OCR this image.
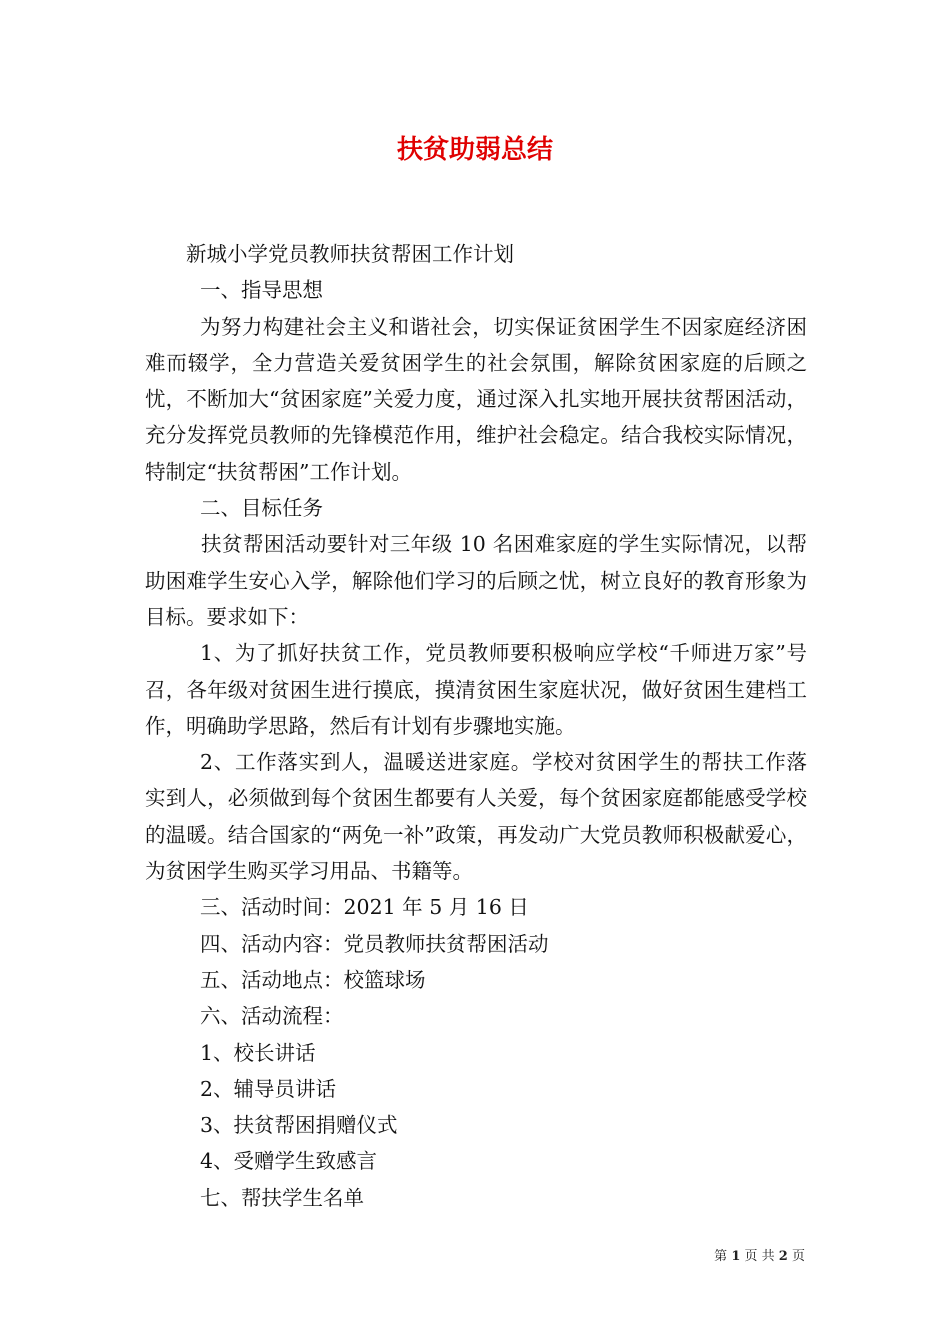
扶贫助弱总结

新城小学党员教师扶贫帮困工作计划

一、指导思想

为努力构建社会主义和谐社会，切实保证贫困学生不因家庭经济困难而辍学，全力营造关爱贫困学生的社会氛围，解除贫困家庭的后顾之忧，不断加大“贫困家庭”关爱力度，通过深入扎实地开展扶贫帮困活动，充分发挥党员教师的先锋模范作用，维护社会稳定。结合我校实际情况，特制定“扶贫帮困”工作计划。

二、目标任务

扶贫帮困活动要针对三年级 10 名困难家庭的学生实际情况，以帮助困难学生安心入学，解除他们学习的后顾之忧，树立良好的教育形象为目标。要求如下：

1、为了抓好扶贫工作，党员教师要积极响应学校“千师进万家”号召，各年级对贫困生进行摸底，摸清贫困生家庭状况，做好贫困生建档工作，明确助学思路，然后有计划有步骤地实施。

2、工作落实到人，温暖送进家庭。学校对贫困学生的帮扶工作落实到人，必须做到每个贫困生都要有人关爱，每个贫困家庭都能感受学校的温暖。结合国家的“两免一补”政策，再发动广大党员教师积极献爱心，为贫困学生购买学习用品、书籍等。

三、活动时间：2021 年 5 月 16 日

四、活动内容：党员教师扶贫帮困活动

五、活动地点：校篮球场

六、活动流程：

1、校长讲话

2、辅导员讲话

3、扶贫帮困捐赠仪式

4、受赠学生致感言

七、帮扶学生名单

第 1 页 共 2 页
